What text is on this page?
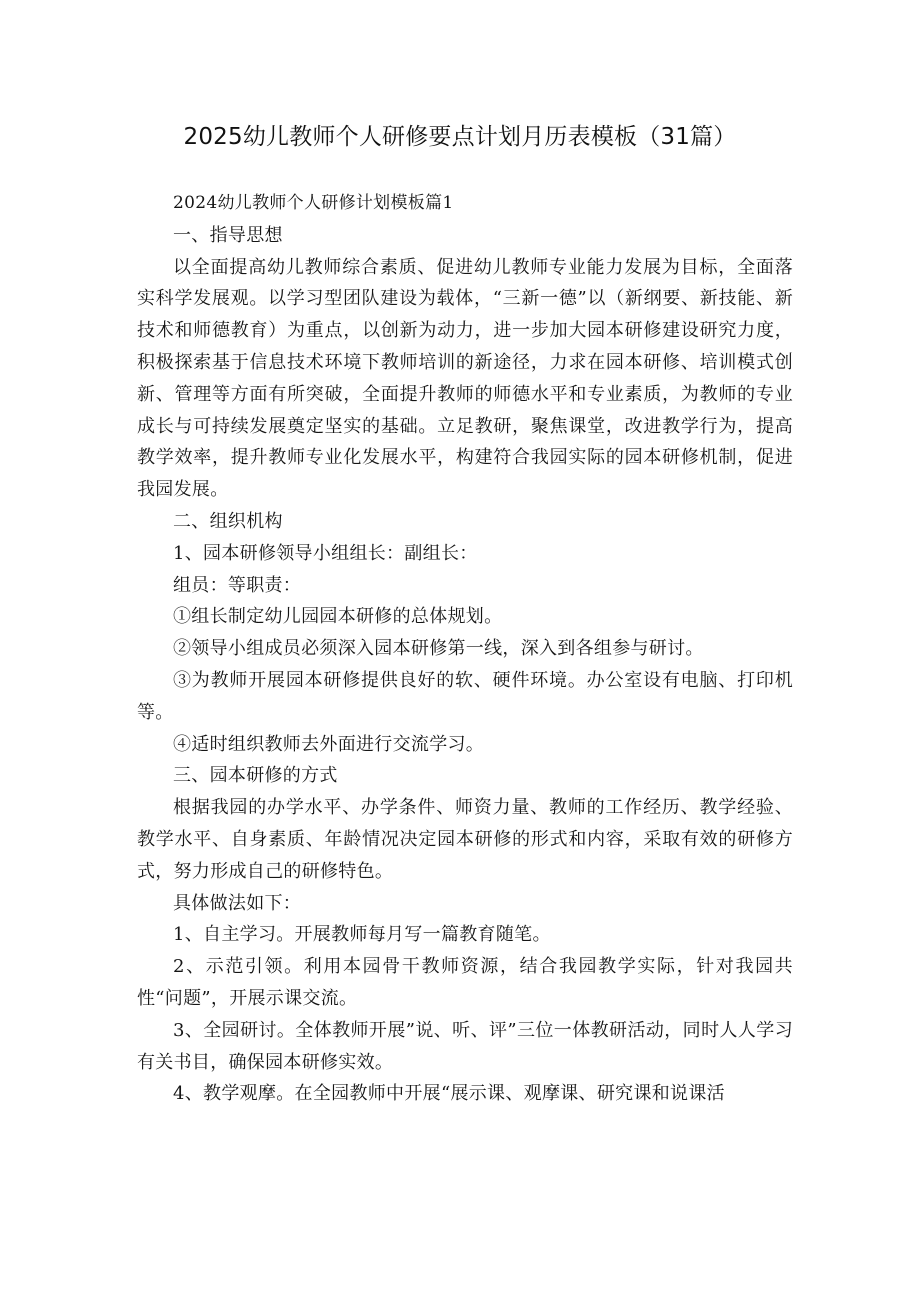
2025幼儿教师个人研修要点计划月历表模板（31篇）

2024幼儿教师个人研修计划模板篇1

一、指导思想

以全面提高幼儿教师综合素质、促进幼儿教师专业能力发展为目标，全面落实科学发展观。以学习型团队建设为载体，“三新一德”以（新纲要、新技能、新技术和师德教育）为重点，以创新为动力，进一步加大园本研修建设研究力度，积极探索基于信息技术环境下教师培训的新途径，力求在园本研修、培训模式创新、管理等方面有所突破，全面提升教师的师德水平和专业素质，为教师的专业成长与可持续发展奠定坚实的基础。立足教研，聚焦课堂，改进教学行为，提高教学效率，提升教师专业化发展水平，构建符合我园实际的园本研修机制，促进我园发展。

二、组织机构

1、园本研修领导小组组长：副组长：

组员：等职责：

①组长制定幼儿园园本研修的总体规划。

②领导小组成员必须深入园本研修第一线，深入到各组参与研讨。

③为教师开展园本研修提供良好的软、硬件环境。办公室设有电脑、打印机等。

④适时组织教师去外面进行交流学习。

三、园本研修的方式

根据我园的办学水平、办学条件、师资力量、教师的工作经历、教学经验、教学水平、自身素质、年龄情况决定园本研修的形式和内容，采取有效的研修方式，努力形成自己的研修特色。

具体做法如下：

1、自主学习。开展教师每月写一篇教育随笔。

2、示范引领。利用本园骨干教师资源，结合我园教学实际，针对我园共性“问题”，开展示课交流。

3、全园研讨。全体教师开展”说、听、评”三位一体教研活动，同时人人学习有关书目，确保园本研修实效。

4、教学观摩。在全园教师中开展“展示课、观摩课、研究课和说课活
